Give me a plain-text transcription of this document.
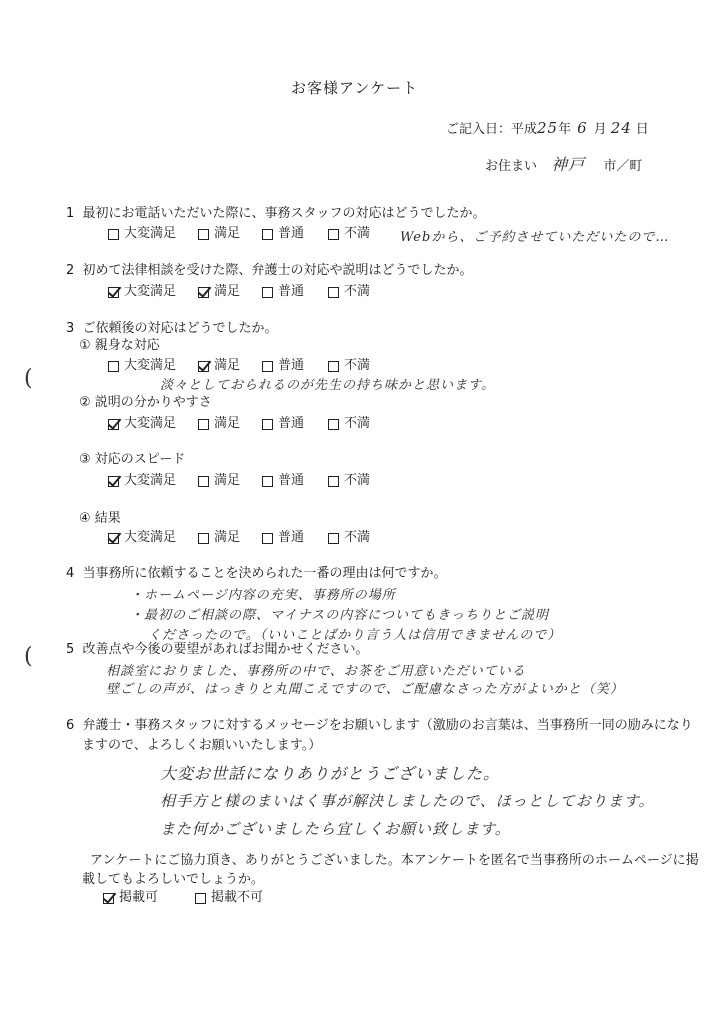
お客様アンケート
ご記入日：平成25年 6 月 24 日
お住まい 神戸 市／町
1 最初にお電話いただいた際に、事務スタッフの対応はどうでしたか。
大変満足	満足	普通	不満 Webから、ご予約させていただいたので…
2 初めて法律相談を受けた際、弁護士の対応や説明はどうでしたか。
大変満足	満足	普通	不満
3 ご依頼後の対応はどうでしたか。
(
① 親身な対応
大変満足	満足	普通	不満
淡々としておられるのが先生の持ち味かと思います。
② 説明の分かりやすさ
大変満足	満足	普通	不満
③ 対応のスピード
大変満足	満足	普通	不満
④ 結果
大変満足	満足	普通	不満
4 当事務所に依頼することを決められた一番の理由は何ですか。
・ホームページ内容の充実、事務所の場所
・最初のご相談の際、マイナスの内容についてもきっちりとご説明
くださったので。（いいことばかり言う人は信用できませんので）
(	5 改善点や今後の要望があればお聞かせください。
相談室におりました、事務所の中で、お茶をご用意いただいている
壁ごしの声が、はっきりと丸聞こえですので、ご配慮なさった方がよいかと（笑）
6 弁護士・事務スタッフに対するメッセージをお願いします（激励のお言葉は、当事務所一同の励みになり
ますので、よろしくお願いいたします。）
大変お世話になりありがとうございました。
相手方と様のまいはく事が解決しましたので、ほっとしております。
また何かございましたら宜しくお願い致します。
アンケートにご協力頂き、ありがとうございました。本アンケートを匿名で当事務所のホームページに掲
載してもよろしいでしょうか。
掲載可	掲載不可
